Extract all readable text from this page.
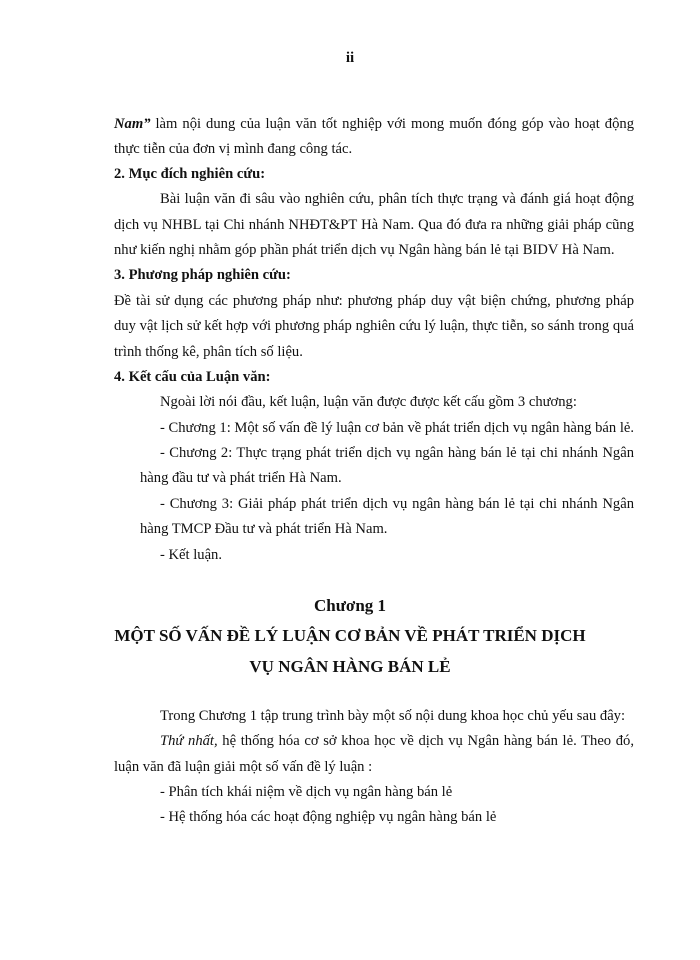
ii
Nam” làm nội dung của luận văn tốt nghiệp với mong muốn đóng góp vào hoạt động
thực tiễn của đơn vị mình đang công tác.
2. Mục đích nghiên cứu:
Bài luận văn đi sâu vào nghiên cứu, phân tích thực trạng và đánh giá hoạt động
dịch vụ NHBL tại Chi nhánh NHĐT&PT Hà Nam. Qua đó đưa ra những giải pháp cũng
như kiến nghị nhằm góp phần phát triển dịch vụ Ngân hàng bán lẻ tại BIDV Hà Nam.
3. Phương pháp nghiên cứu:
Đề tài sử dụng các phương pháp như: phương pháp duy vật biện chứng, phương pháp
duy vật lịch sử kết hợp với phương pháp nghiên cứu lý luận, thực tiễn, so sánh trong quá
trình thống kê, phân tích số liệu.
4. Kết cấu của Luận văn:
Ngoài lời nói đầu, kết luận, luận văn được được kết cấu gồm 3 chương:
- Chương 1: Một số vấn đề lý luận cơ bản về phát triển dịch vụ ngân hàng bán lẻ.
- Chương 2: Thực trạng phát triển dịch vụ ngân hàng bán lẻ tại chi nhánh Ngân
hàng đầu tư và phát triển Hà Nam.
- Chương 3: Giải pháp phát triển dịch vụ ngân hàng bán lẻ tại chi nhánh Ngân
hàng TMCP Đầu tư và phát triển Hà Nam.
- Kết luận.
Chương 1
MỘT SỐ VẤN ĐỀ LÝ LUẬN CƠ BẢN VỀ PHÁT TRIỂN DỊCH
VỤ NGÂN HÀNG BÁN LẺ
Trong Chương 1 tập trung trình bày một số nội dung khoa học chủ yếu sau đây:
Thứ nhất, hệ thống hóa cơ sở khoa học về dịch vụ Ngân hàng bán lẻ. Theo đó,
luận văn đã luận giải một số vấn đề lý luận :
- Phân tích khái niệm về dịch vụ ngân hàng bán lẻ
- Hệ thống hóa các hoạt động nghiệp vụ ngân hàng bán lẻ
